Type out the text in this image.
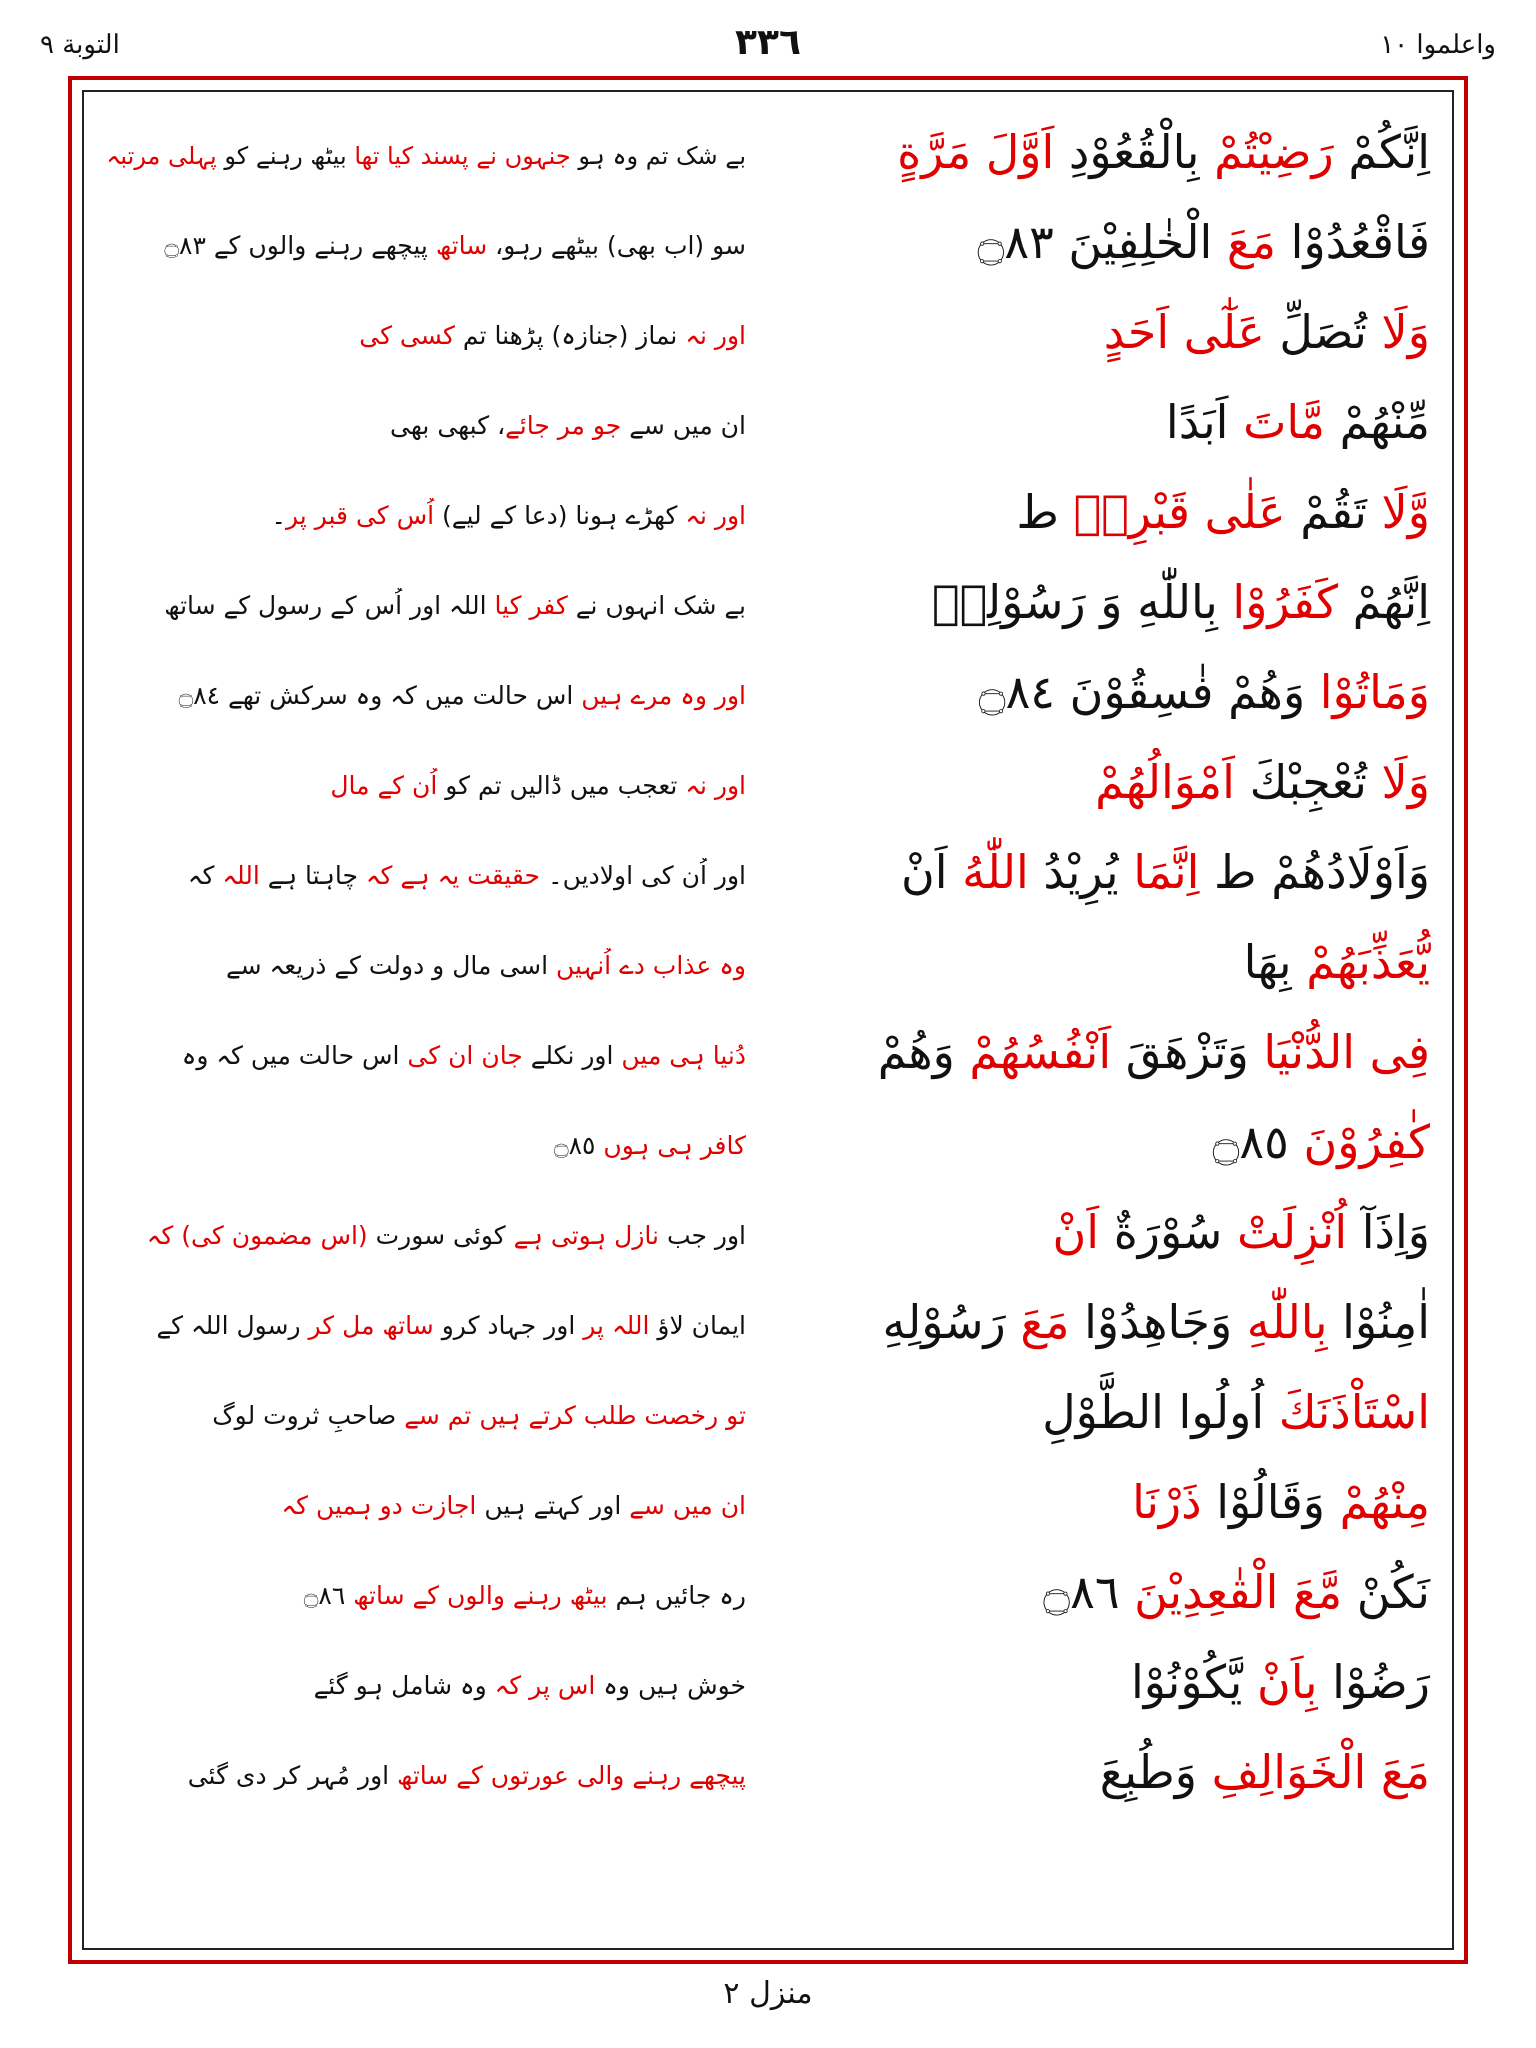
التوبة ٩	٣٣٦	واعلموا ١٠
اِنَّكُمْ رَضِيْتُمْ بِالْقُعُوْدِ اَوَّلَ مَرَّةٍ
بے شک تم وہ ہو جنہوں نے پسند کیا تھا بیٹھ رہنے کو پہلی مرتبہ
فَاقْعُدُوْا مَعَ الْخٰلِفِيْنَ ۝٨٣
سو (اب بھی) بیٹھے رہو، ساتھ پیچھے رہنے والوں کے ۝٨٣
وَلَا تُصَلِّ عَلٰٓى اَحَدٍ
اور نہ نماز (جنازہ) پڑھنا تم کسی کی
مِّنْهُمْ مَّاتَ اَبَدًا
ان میں سے جو مر جائے، کبھی بھی
وَّلَا تَقُمْ عَلٰى قَبْرِهٖ ط
اور نہ کھڑے ہونا (دعا کے لیے) اُس کی قبر پر۔
اِنَّهُمْ كَفَرُوْا بِاللّٰهِ وَ رَسُوْلِهٖ
بے شک انہوں نے کفر کیا اللہ اور اُس کے رسول کے ساتھ
وَمَاتُوْا وَهُمْ فٰسِقُوْنَ ۝٨٤
اور وہ مرے ہیں اس حالت میں کہ وہ سرکش تھے ۝٨٤
وَلَا تُعْجِبْكَ اَمْوَالُهُمْ
اور نہ تعجب میں ڈالیں تم کو اُن کے مال
وَاَوْلَادُهُمْ ط اِنَّمَا يُرِيْدُ اللّٰهُ اَنْ
اور اُن کی اولادیں۔ حقیقت یہ ہے کہ چاہتا ہے اللہ کہ
يُّعَذِّبَهُمْ بِهَا
وہ عذاب دے اُنہیں اسی مال و دولت کے ذریعہ سے
فِى الدُّنْيَا وَتَزْهَقَ اَنْفُسُهُمْ وَهُمْ
دُنیا ہی میں اور نکلے جان ان کی اس حالت میں کہ وہ
كٰفِرُوْنَ ۝٨٥
کافر ہی ہوں ۝٨٥
وَاِذَآ اُنْزِلَتْ سُوْرَةٌ اَنْ
اور جب نازل ہوتی ہے کوئی سورت (اس مضمون کی) کہ
اٰمِنُوْا بِاللّٰهِ وَجَاهِدُوْا مَعَ رَسُوْلِهِ
ایمان لاؤ اللہ پر اور جہاد کرو ساتھ مل کر رسول اللہ کے
اسْتَاْذَنَكَ اُولُوا الطَّوْلِ
تو رخصت طلب کرتے ہیں تم سے صاحبِ ثروت لوگ
مِنْهُمْ وَقَالُوْا ذَرْنَا
ان میں سے اور کہتے ہیں اجازت دو ہمیں کہ
نَكُنْ مَّعَ الْقٰعِدِيْنَ ۝٨٦
رہ جائیں ہم بیٹھ رہنے والوں کے ساتھ ۝٨٦
رَضُوْا بِاَنْ يَّكُوْنُوْا
خوش ہیں وہ اس پر کہ وہ شامل ہو گئے
مَعَ الْخَوَالِفِ وَطُبِعَ
پیچھے رہنے والی عورتوں کے ساتھ اور مُہر کر دی گئی
منزل ٢
